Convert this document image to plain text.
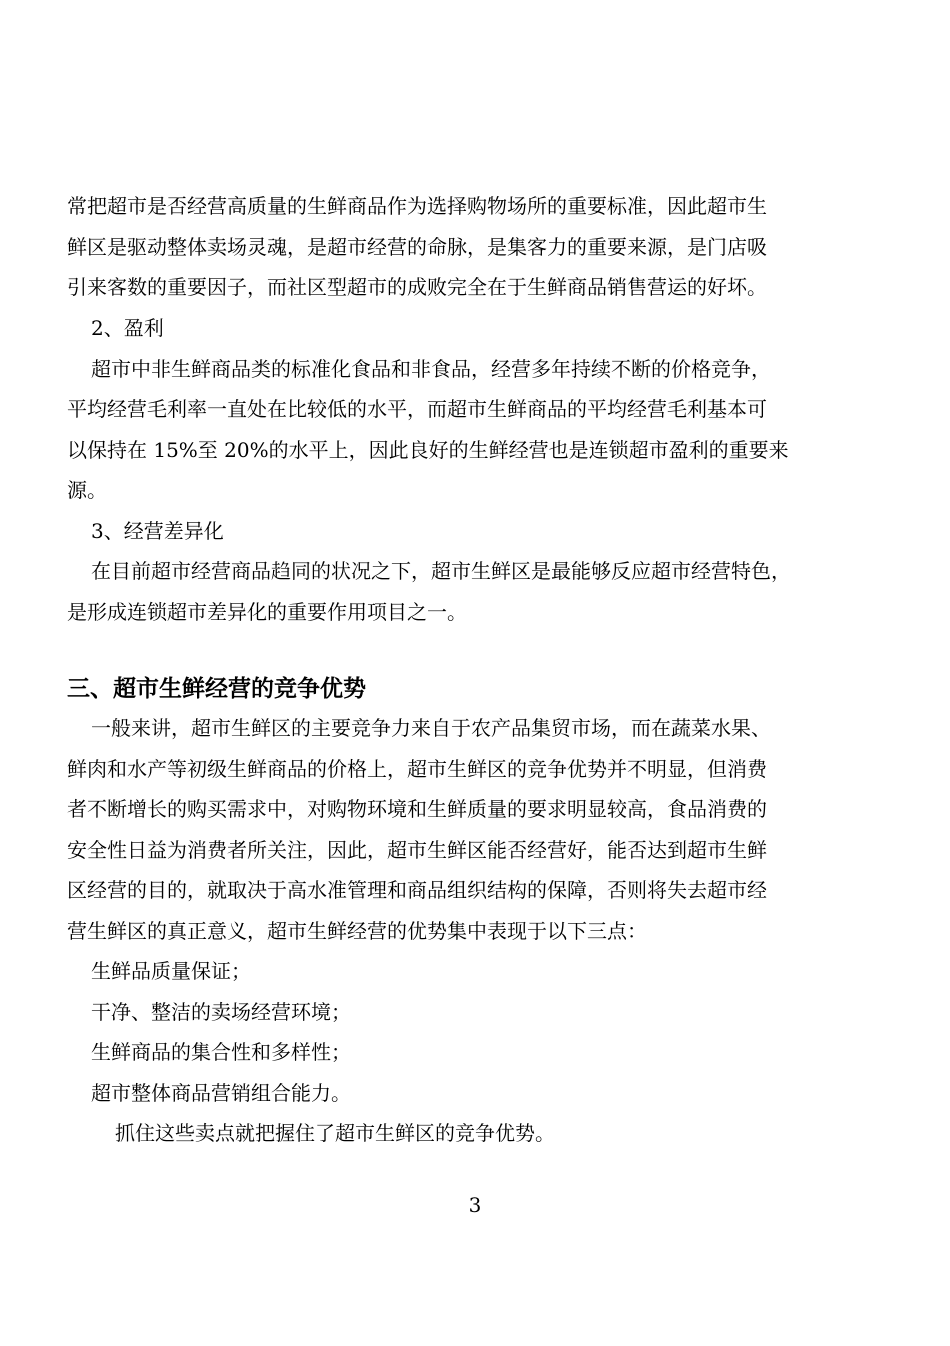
常把超市是否经营高质量的生鲜商品作为选择购物场所的重要标准，因此超市生
鲜区是驱动整体卖场灵魂，是超市经营的命脉，是集客力的重要来源，是门店吸
引来客数的重要因子，而社区型超市的成败完全在于生鲜商品销售营运的好坏。

2、盈利
超市中非生鲜商品类的标准化食品和非食品，经营多年持续不断的价格竞争，
平均经营毛利率一直处在比较低的水平，而超市生鲜商品的平均经营毛利基本可
以保持在 15%至 20%的水平上，因此良好的生鲜经营也是连锁超市盈利的重要来
源。
3、经营差异化
在目前超市经营商品趋同的状况之下，超市生鲜区是最能够反应超市经营特色，
是形成连锁超市差异化的重要作用项目之一。
三、超市生鲜经营的竞争优势
一般来讲，超市生鲜区的主要竞争力来自于农产品集贸市场，而在蔬菜水果、
鲜肉和水产等初级生鲜商品的价格上，超市生鲜区的竞争优势并不明显，但消费
者不断增长的购买需求中，对购物环境和生鲜质量的要求明显较高，食品消费的
安全性日益为消费者所关注，因此，超市生鲜区能否经营好，能否达到超市生鲜
区经营的目的，就取决于高水准管理和商品组织结构的保障，否则将失去超市经
营生鲜区的真正意义，超市生鲜经营的优势集中表现于以下三点：
生鲜品质量保证；
干净、整洁的卖场经营环境；
生鲜商品的集合性和多样性；
超市整体商品营销组合能力。
抓住这些卖点就把握住了超市生鲜区的竞争优势。
3
